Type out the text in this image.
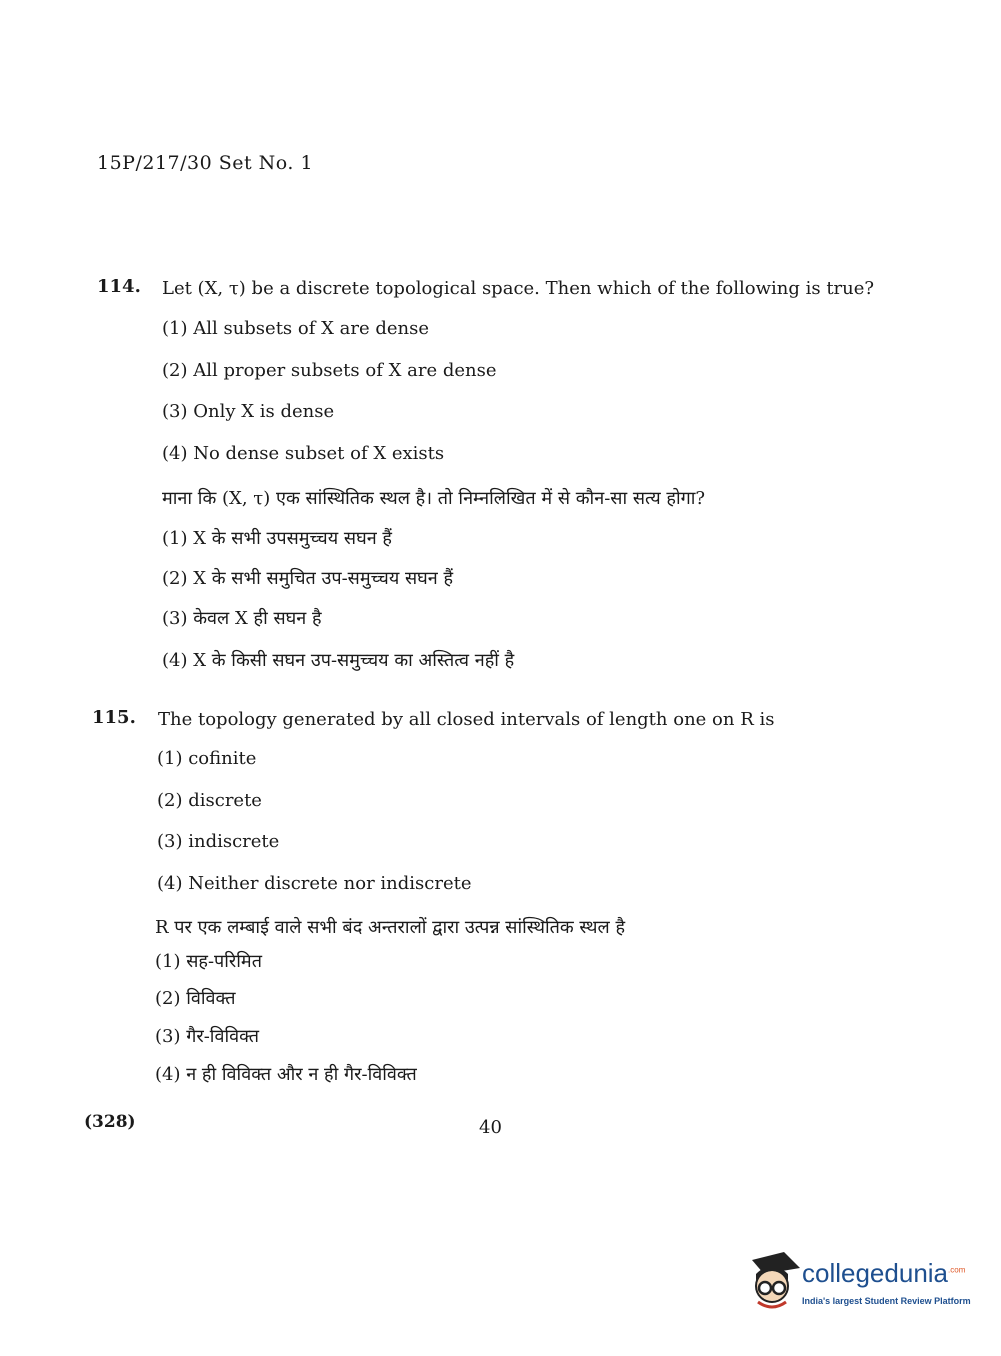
15P/217/30 Set No. 1
114. Let (X, τ) be a discrete topological space. Then which of the following is true?
(1) All subsets of X are dense
(2) All proper subsets of X are dense
(3) Only X is dense
(4) No dense subset of X exists
माना कि (X, τ) एक सांस्थितिक स्थल है। तो निम्नलिखित में से कौन-सा सत्य होगा?
(1) X के सभी उपसमुच्चय सघन हैं
(2) X के सभी समुचित उप-समुच्चय सघन हैं
(3) केवल X ही सघन है
(4) X के किसी सघन उप-समुच्चय का अस्तित्व नहीं है
115. The topology generated by all closed intervals of length one on R is
(1) cofinite
(2) discrete
(3) indiscrete
(4) Neither discrete nor indiscrete
R पर एक लम्बाई वाले सभी बंद अन्तरालों द्वारा उत्पन्न सांस्थितिक स्थल है
(1) सह-परिमित
(2) विविक्त
(3) गैर-विविक्त
(4) न ही विविक्त और न ही गैर-विविक्त
(328)	40
collegedunia$^{.com}$
India's largest Student Review Platform
